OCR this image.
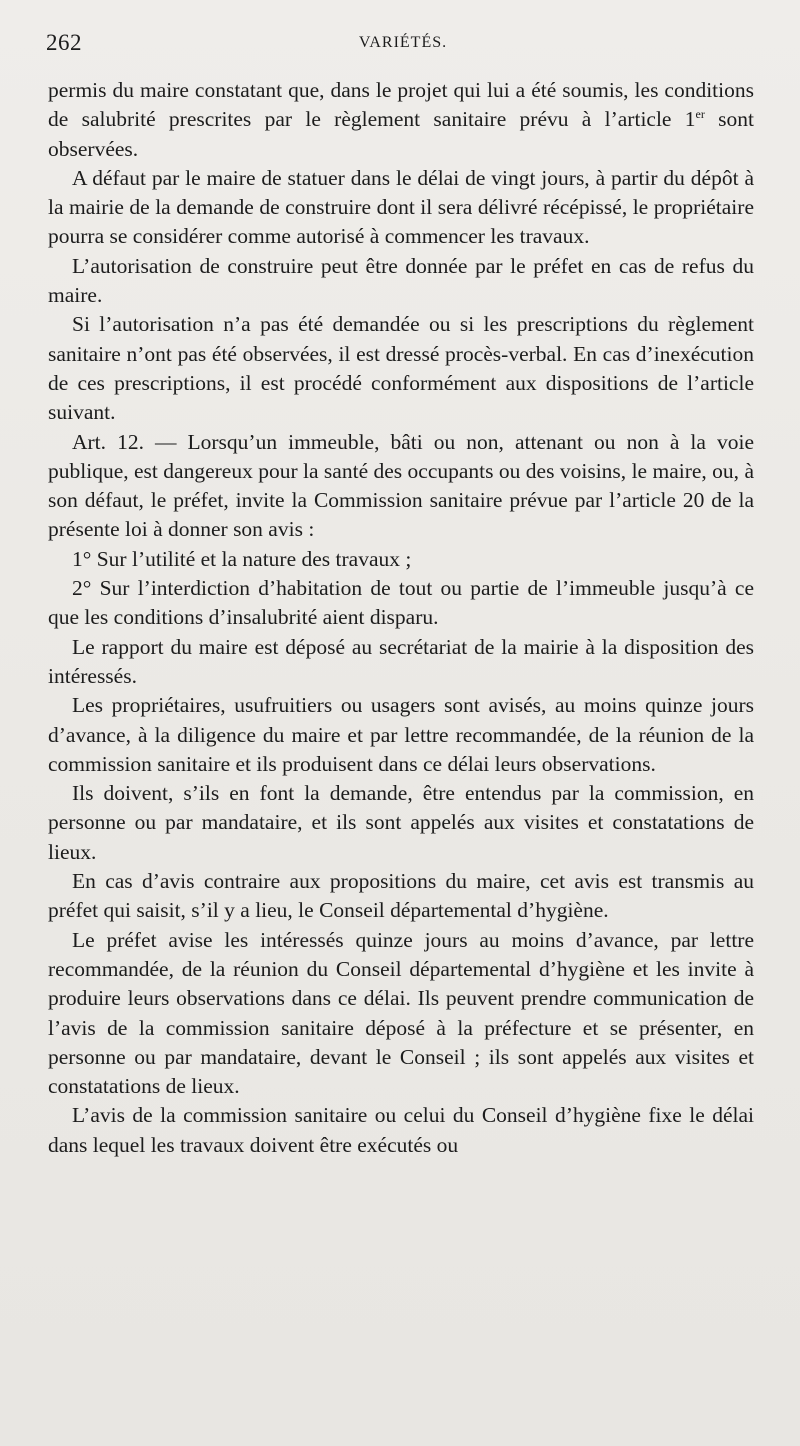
262	VARIÉTÉS.

permis du maire constatant que, dans le projet qui lui a été soumis, les conditions de salubrité prescrites par le règlement sanitaire prévu à l’article 1er sont observées.

A défaut par le maire de statuer dans le délai de vingt jours, à partir du dépôt à la mairie de la demande de construire dont il sera délivré récépissé, le propriétaire pourra se considérer comme autorisé à commencer les travaux.

L’autorisation de construire peut être donnée par le préfet en cas de refus du maire.

Si l’autorisation n’a pas été demandée ou si les prescriptions du règlement sanitaire n’ont pas été observées, il est dressé procès-verbal. En cas d’inexécution de ces prescriptions, il est procédé conformément aux dispositions de l’article suivant.

Art. 12. — Lorsqu’un immeuble, bâti ou non, attenant ou non à la voie publique, est dangereux pour la santé des occupants ou des voisins, le maire, ou, à son défaut, le préfet, invite la Commission sanitaire prévue par l’article 20 de la présente loi à donner son avis :

1° Sur l’utilité et la nature des travaux ;

2° Sur l’interdiction d’habitation de tout ou partie de l’immeuble jusqu’à ce que les conditions d’insalubrité aient disparu.

Le rapport du maire est déposé au secrétariat de la mairie à la disposition des intéressés.

Les propriétaires, usufruitiers ou usagers sont avisés, au moins quinze jours d’avance, à la diligence du maire et par lettre recommandée, de la réunion de la commission sanitaire et ils produisent dans ce délai leurs observations.

Ils doivent, s’ils en font la demande, être entendus par la commission, en personne ou par mandataire, et ils sont appelés aux visites et constatations de lieux.

En cas d’avis contraire aux propositions du maire, cet avis est transmis au préfet qui saisit, s’il y a lieu, le Conseil départemental d’hygiène.

Le préfet avise les intéressés quinze jours au moins d’avance, par lettre recommandée, de la réunion du Conseil départemental d’hygiène et les invite à produire leurs observations dans ce délai. Ils peuvent prendre communication de l’avis de la commission sanitaire déposé à la préfecture et se présenter, en personne ou par mandataire, devant le Conseil ; ils sont appelés aux visites et constatations de lieux.

L’avis de la commission sanitaire ou celui du Conseil d’hygiène fixe le délai dans lequel les travaux doivent être exécutés ou
